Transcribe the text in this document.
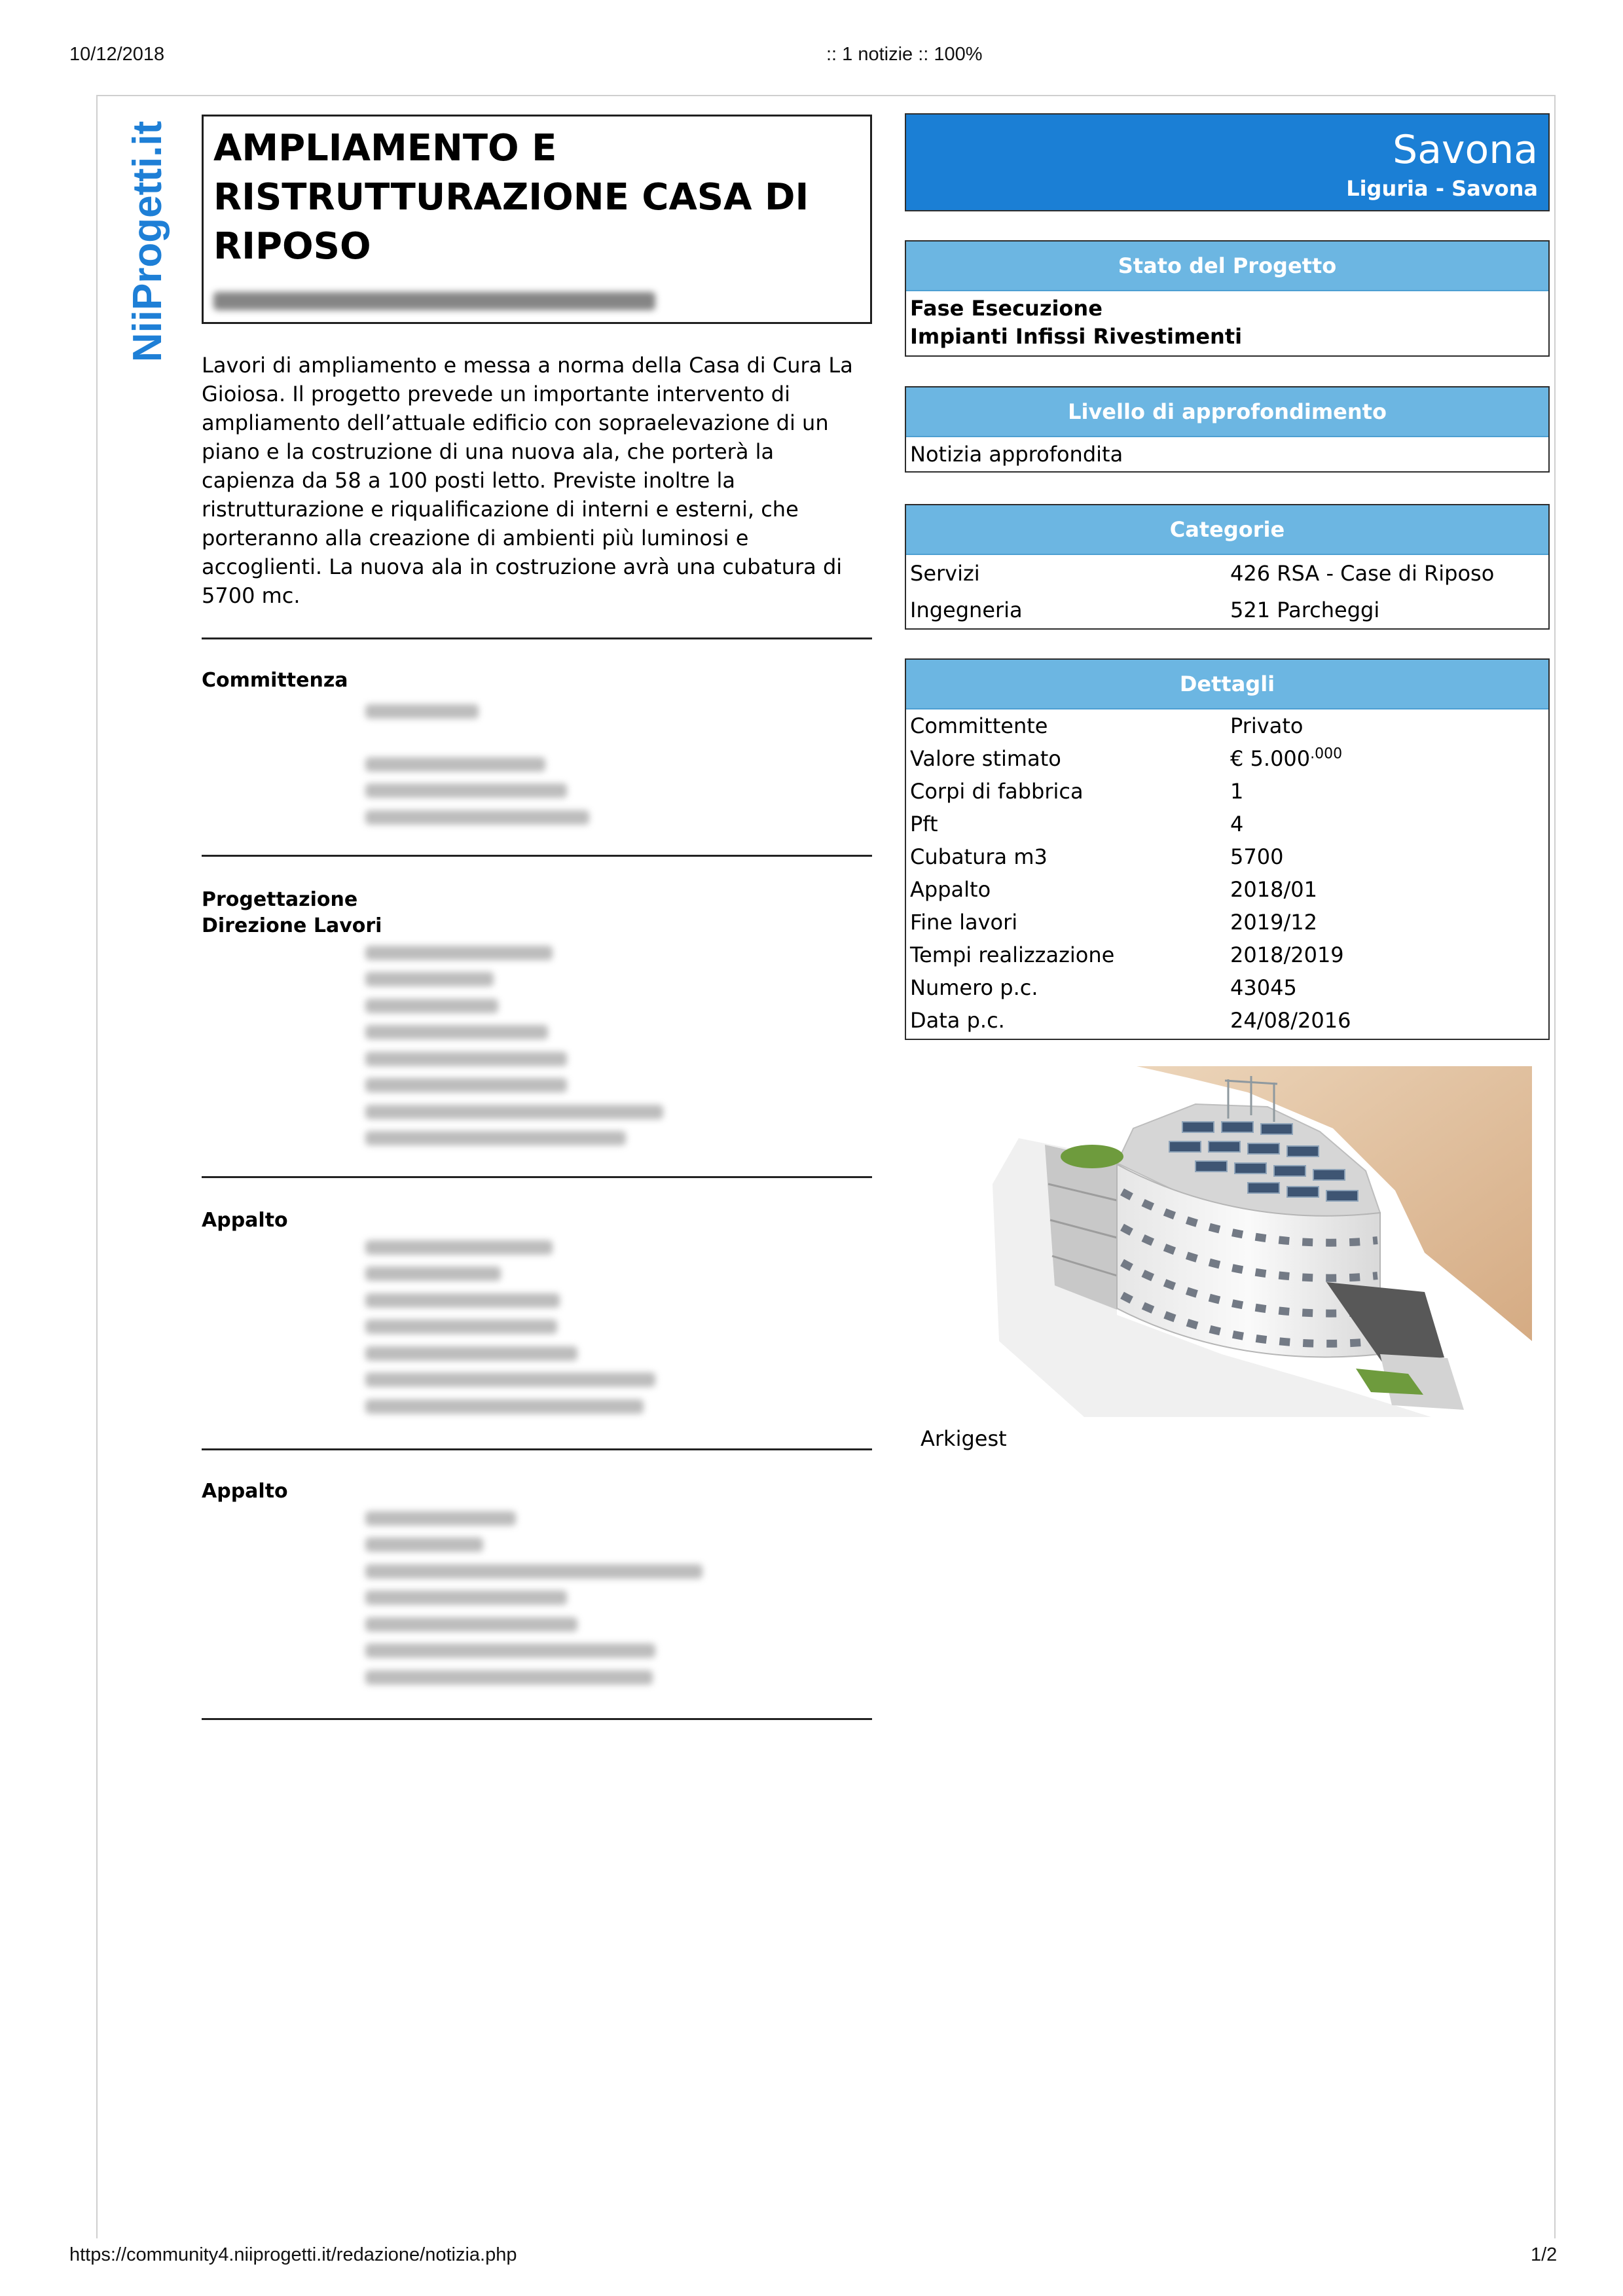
10/12/2018	:: 1 notizie :: 100%
NiiProgetti.it AMPLIAMENTO E
RISTRUTTURAZIONE CASA DI
RIPOSO
Lavori di ampliamento e messa a norma della Casa di Cura La
Gioiosa. Il progetto prevede un importante intervento di
ampliamento dell’attuale edificio con sopraelevazione di un
piano e la costruzione di una nuova ala, che porterà la
capienza da 58 a 100 posti letto. Previste inoltre la
ristrutturazione e riqualificazione di interni e esterni, che
porteranno alla creazione di ambienti più luminosi e
accoglienti. La nuova ala in costruzione avrà una cubatura di
5700 mc.
Committenza
Progettazione
Direzione Lavori
Appalto
Appalto
Savona
Liguria - Savona
Stato del Progetto
Fase Esecuzione
Impianti Infissi Rivestimenti
Livello di approfondimento
Notizia approfondita
Categorie
Servizi	426 RSA - Case di Riposo
Ingegneria	521 Parcheggi
Dettagli
Committente	Privato
Valore stimato	€ $5.000^{.000}$
Corpi di fabbrica	1
Pft	4
Cubatura m3	5700
Appalto	2018/01
Fine lavori	2019/12
Tempi realizzazione	2018/2019
Numero p.c.	43045
Data p.c.	24/08/2016
Arkigest
https://community4.niiprogetti.it/redazione/notizia.php	1/2
